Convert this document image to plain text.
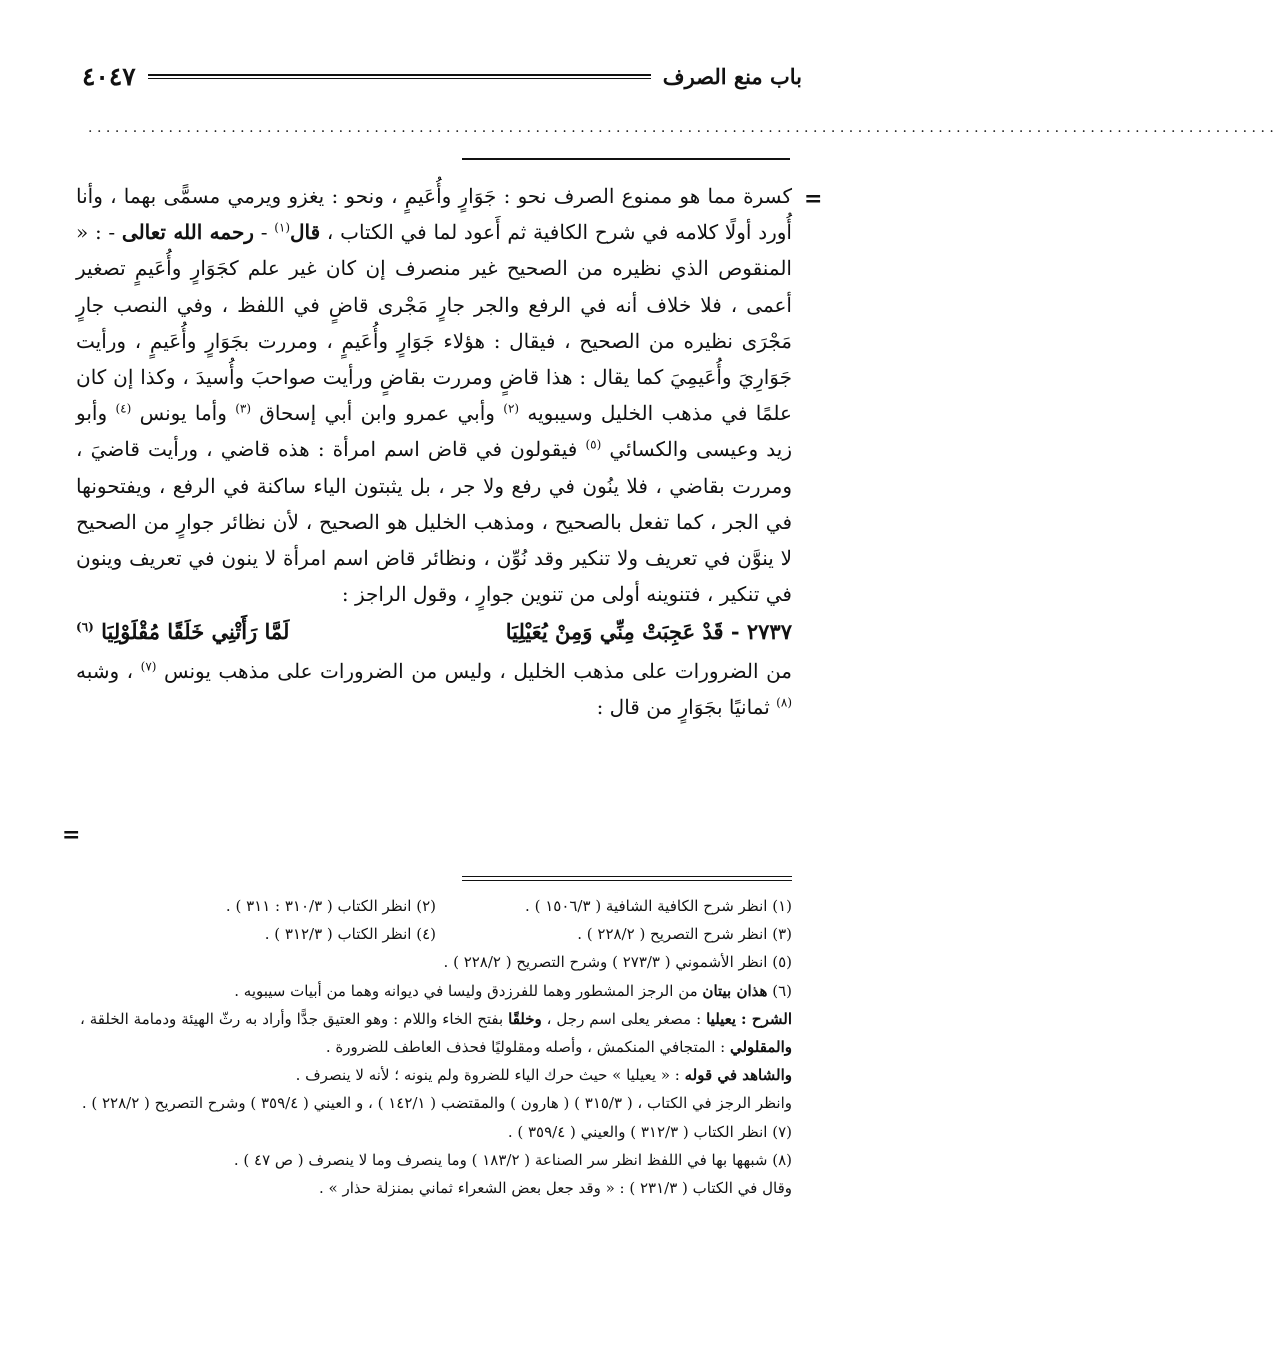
باب منع الصرف
٤٠٤٧
.....................................................................................................................................
=
=

كسرة مما هو ممنوع الصرف نحو : جَوَارٍ وأُعَيمٍ ، ونحو : يغزو ويرمي مسمًّى بهما ، وأنا أُورد أولًا كلامه في شرح الكافية ثم أَعود لما في الكتاب ، قال$^{(١)}$ - رحمه الله تعالى - : « المنقوص الذي نظيره من الصحيح غير منصرف إن كان غير علم كجَوَارٍ وأُعَيمٍ تصغير أعمى ، فلا خلاف أنه في الرفع والجر جارٍ مَجْرى قاضٍ في اللفظ ، وفي النصب جارٍ مَجْرَى نظيره من الصحيح ، فيقال : هؤلاء جَوَارٍ وأُعَيمٍ ، ومررت بجَوَارٍ وأُعَيمٍ ، ورأيت جَوَارِيَ وأُعَيمِيَ كما يقال : هذا قاضٍ ومررت بقاضٍ ورأيت صواحبَ وأُسيدَ ، وكذا إن كان علمًا في مذهب الخليل وسيبويه $^{(٢)}$ وأبي عمرو وابن أبي إسحاق $^{(٣)}$ وأما يونس $^{(٤)}$ وأبو زيد وعيسى والكسائي $^{(٥)}$ فيقولون في قاض اسم امرأة : هذه قاضي ، ورأيت قاضيَ ، ومررت بقاضي ، فلا ينُون في رفع ولا جر ، بل يثبتون الياء ساكنة في الرفع ، ويفتحونها في الجر ، كما تفعل بالصحيح ، ومذهب الخليل هو الصحيح ، لأن نظائر جوارٍ من الصحيح لا ينوَّن في تعريف ولا تنكير وقد نُوِّن ، ونظائر قاض اسم امرأة لا ينون في تعريف وينون في تنكير ، فتنوينه أولى من تنوين جوارٍ ، وقول الراجز :

٢٧٣٧ - قَدْ عَجِبَتْ مِنِّي وَمِنْ يُعَيْلِيَا
لَمَّا رَأَتْنِي خَلَقًا مُقْلَوْلِيَا $^{(٦)}$

من الضرورات على مذهب الخليل ، وليس من الضرورات على مذهب يونس $^{(٧)}$ ، وشبه $^{(٨)}$ ثمانيًا بجَوَارٍ من قال :

(١) انظر شرح الكافية الشافية ( ١٥٠٦/٣ ) .
(٢) انظر الكتاب ( ٣١٠/٣ : ٣١١ ) .
(٣) انظر شرح التصريح ( ٢٢٨/٢ ) .
(٤) انظر الكتاب ( ٣١٢/٣ ) .

(٥) انظر الأشموني ( ٢٧٣/٣ ) وشرح التصريح ( ٢٢٨/٢ ) .

(٦) هذان بيتان من الرجز المشطور وهما للفرزدق وليسا في ديوانه وهما من أبيات سيبويه .

الشرح : يعيليا : مصغر يعلى اسم رجل ، وخلقًا بفتح الخاء واللام : وهو العتيق جدًّا وأراد به رثّ الهيئة ودمامة الخلقة ، والمقلولي : المتجافي المنكمش ، وأصله ومقلوليًا فحذف العاطف للضرورة .

والشاهد في قوله : « يعيليا » حيث حرك الياء للضروة ولم ينونه ؛ لأنه لا ينصرف .

وانظر الرجز في الكتاب ، ( ٣١٥/٣ ) ( هارون ) والمقتضب ( ١٤٢/١ ) ، و العيني ( ٣٥٩/٤ ) وشرح التصريح ( ٢٢٨/٢ ) .

(٧) انظر الكتاب ( ٣١٢/٣ ) والعيني ( ٣٥٩/٤ ) .

(٨) شبهها بها في اللفظ انظر سر الصناعة ( ١٨٣/٢ ) وما ينصرف وما لا ينصرف ( ص ٤٧ ) .

وقال في الكتاب ( ٢٣١/٣ ) : « وقد جعل بعض الشعراء ثماني بمنزلة حذار » .
